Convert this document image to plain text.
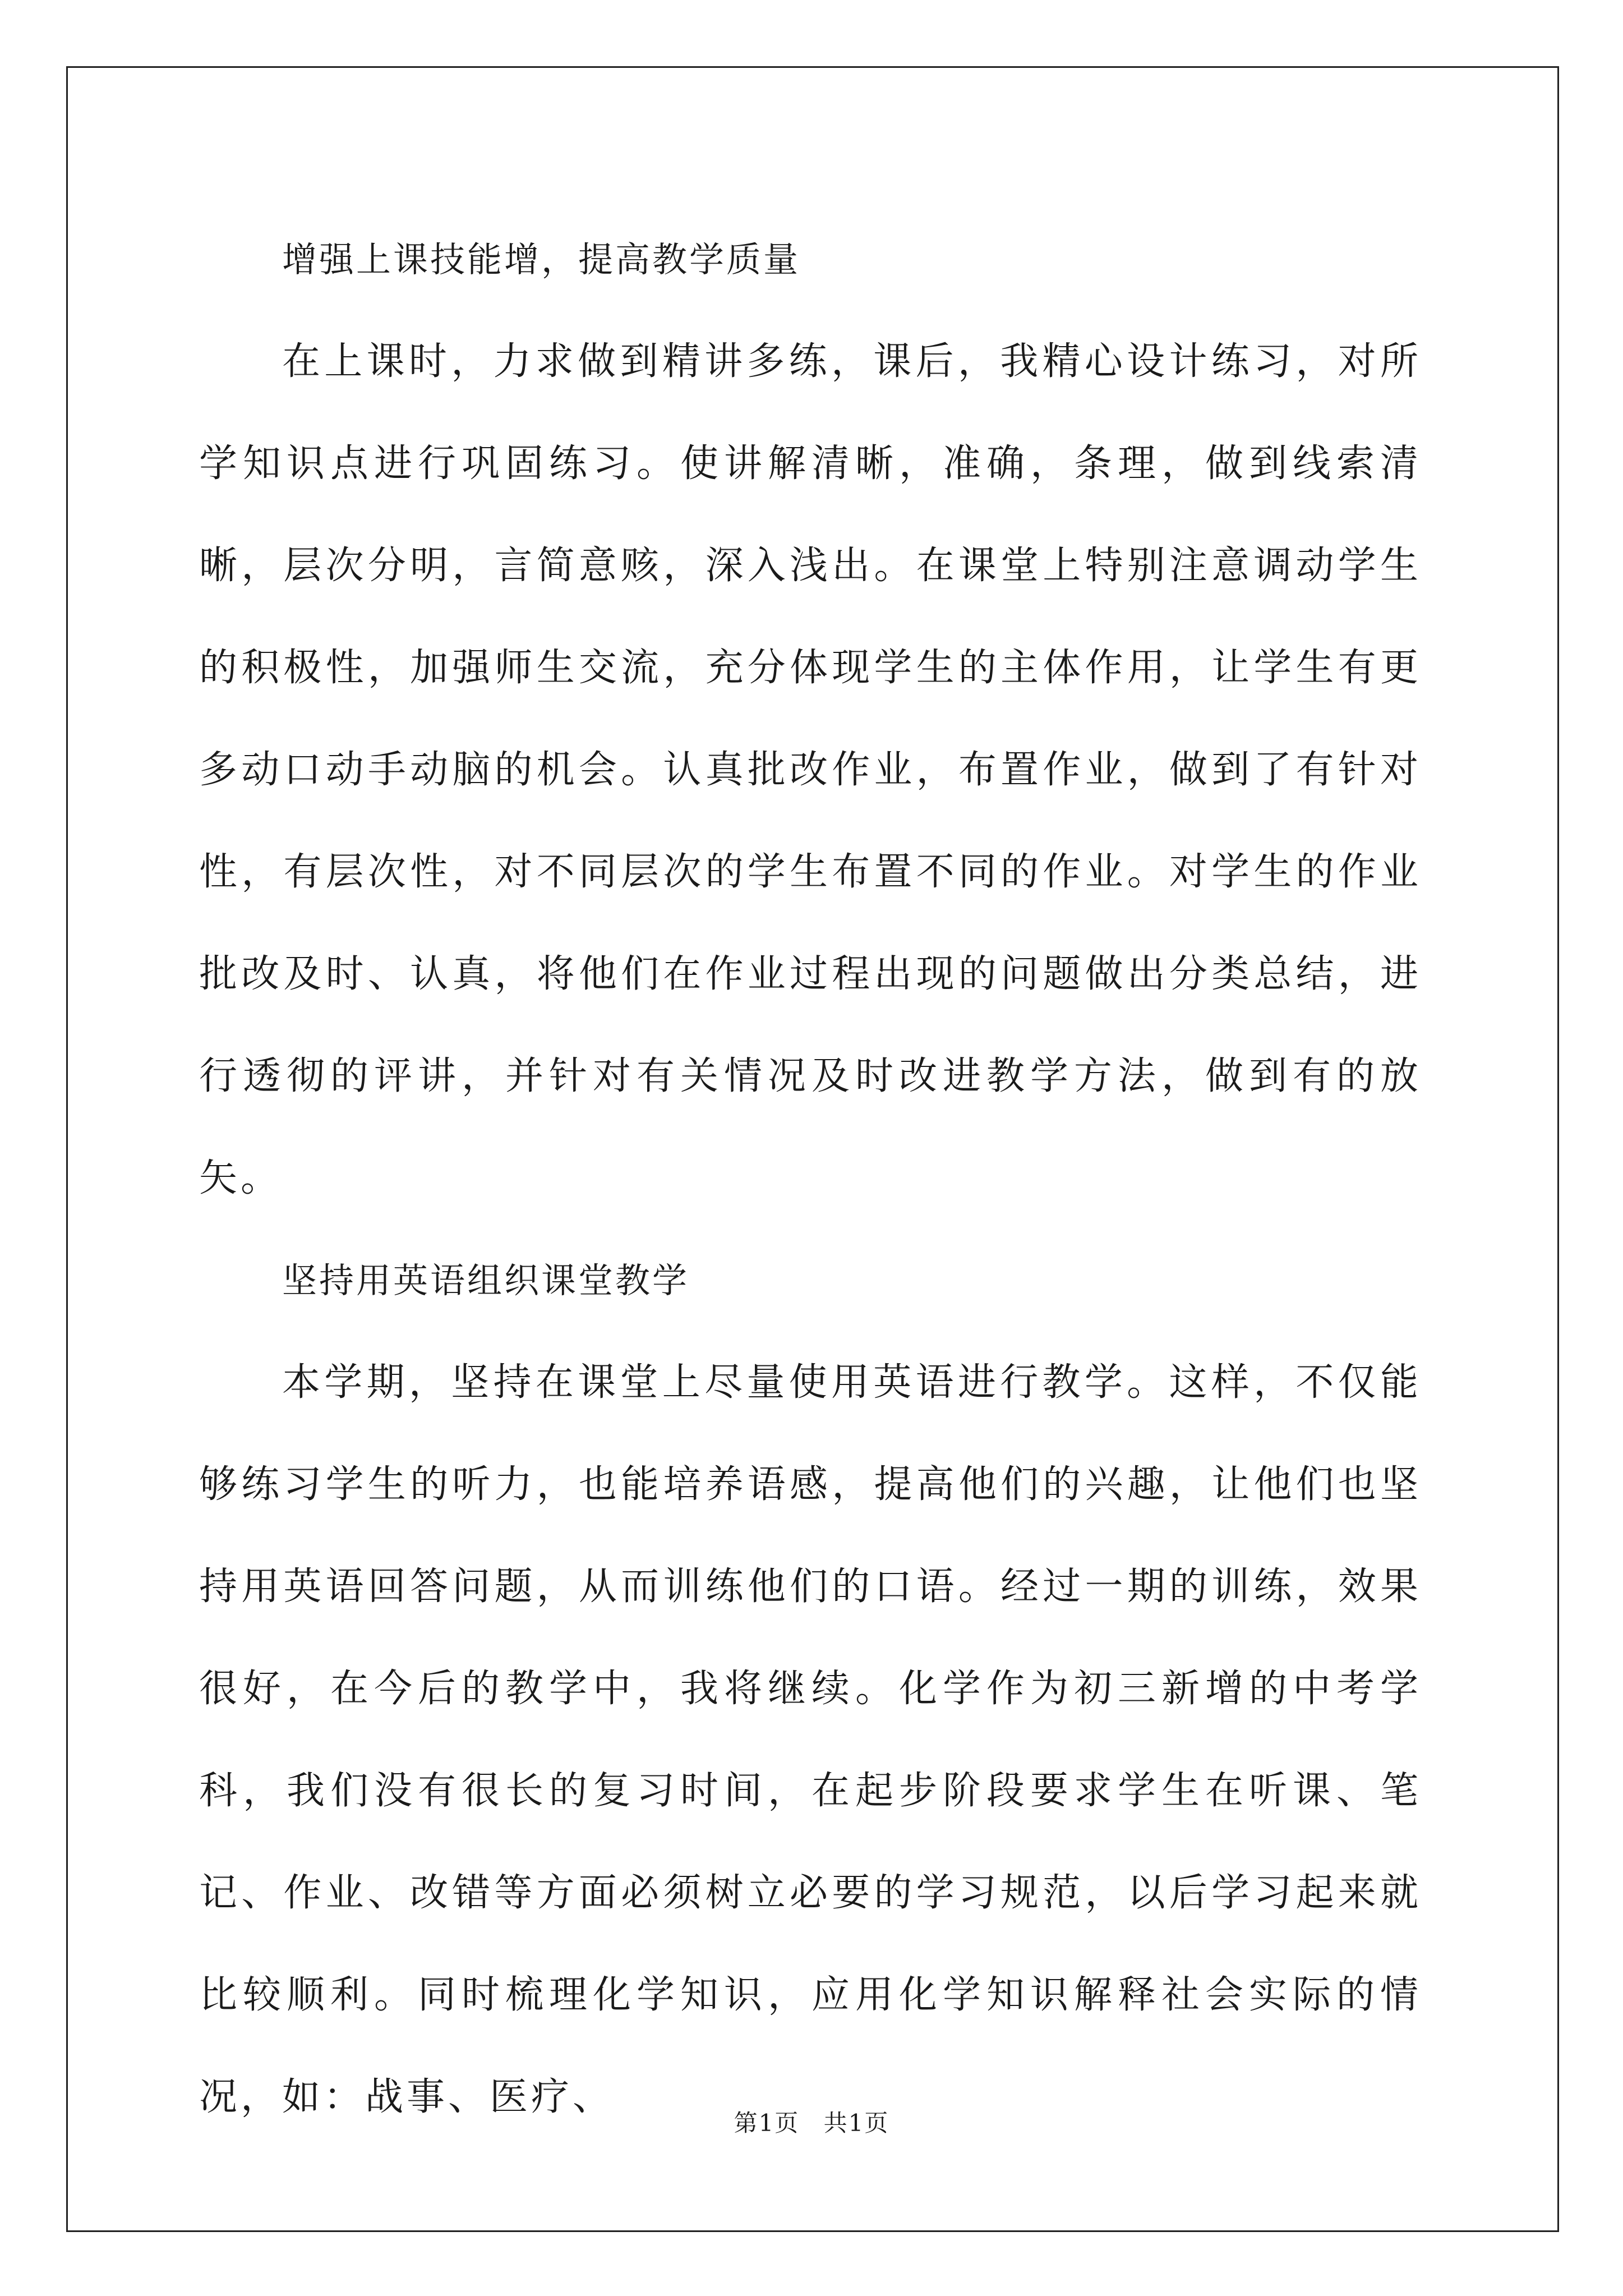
增强上课技能增，提高教学质量

在上课时，力求做到精讲多练，课后，我精心设计练习，对所学知识点进行巩固练习。使讲解清晰，准确，条理，做到线索清晰，层次分明，言简意赅，深入浅出。在课堂上特别注意调动学生的积极性，加强师生交流，充分体现学生的主体作用，让学生有更多动口动手动脑的机会。认真批改作业，布置作业，做到了有针对性，有层次性，对不同层次的学生布置不同的作业。对学生的作业批改及时、认真，将他们在作业过程出现的问题做出分类总结，进行透彻的评讲，并针对有关情况及时改进教学方法，做到有的放矢。

坚持用英语组织课堂教学

本学期，坚持在课堂上尽量使用英语进行教学。这样，不仅能够练习学生的听力，也能培养语感，提高他们的兴趣，让他们也坚持用英语回答问题，从而训练他们的口语。经过一期的训练，效果很好，在今后的教学中，我将继续。化学作为初三新增的中考学科，我们没有很长的复习时间，在起步阶段要求学生在听课、笔记、作业、改错等方面必须树立必要的学习规范，以后学习起来就比较顺利。同时梳理化学知识，应用化学知识解释社会实际的情况，如：战事、医疗、

第1页 共1页
